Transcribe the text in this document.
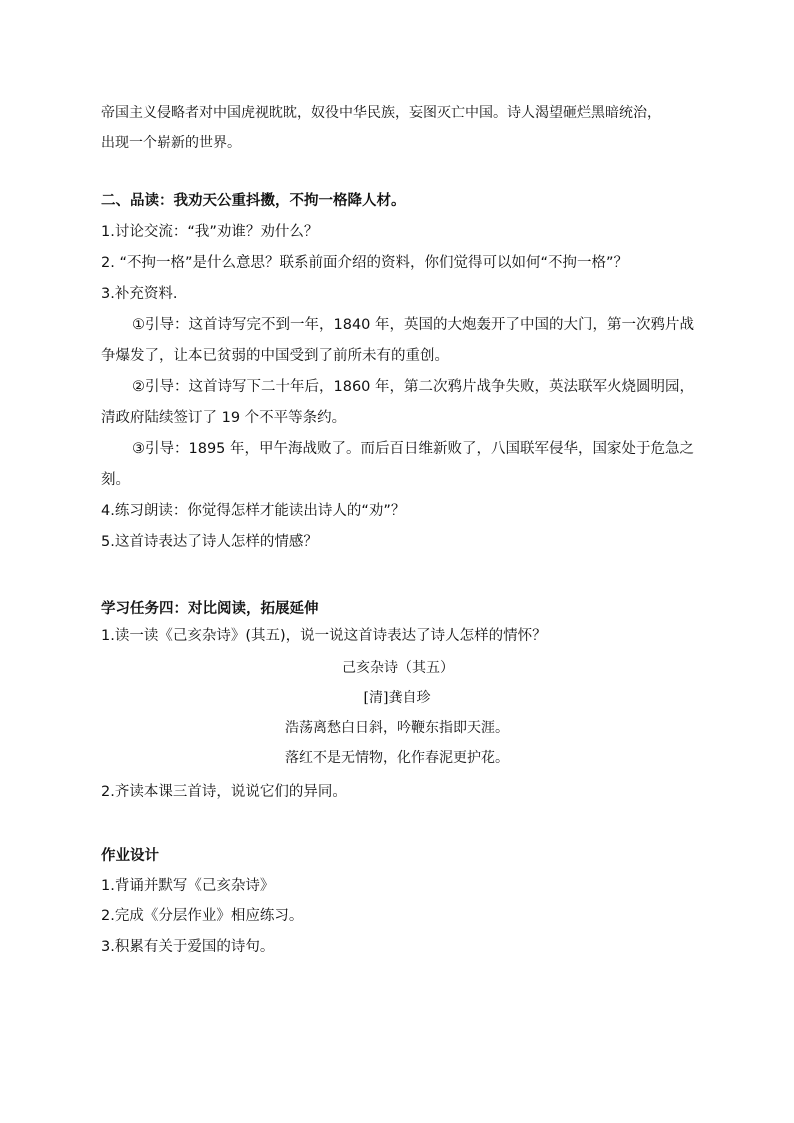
帝国主义侵略者对中国虎视眈眈，奴役中华民族，妄图灭亡中国。诗人渴望砸烂黑暗统治，
出现一个崭新的世界。
二、品读：我劝天公重抖擞，不拘一格降人材。
1.讨论交流：“我”劝谁？劝什么？
2. “不拘一格”是什么意思？联系前面介绍的资料，你们觉得可以如何“不拘一格”？
3.补充资料.
①引导：这首诗写完不到一年，1840 年，英国的大炮轰开了中国的大门，第一次鸦片战
争爆发了，让本已贫弱的中国受到了前所未有的重创。
②引导：这首诗写下二十年后，1860 年，第二次鸦片战争失败，英法联军火烧圆明园，
清政府陆续签订了 19 个不平等条约。
③引导：1895 年，甲午海战败了。而后百日维新败了，八国联军侵华，国家处于危急之
刻。
4.练习朗读：你觉得怎样才能读出诗人的“劝”？
5.这首诗表达了诗人怎样的情感？
学习任务四：对比阅读，拓展延伸
1.读一读《己亥杂诗》(其五)，说一说这首诗表达了诗人怎样的情怀？
己亥杂诗（其五）
[清]龚自珍
浩荡离愁白日斜，吟鞭东指即天涯。
落红不是无情物，化作春泥更护花。
2.齐读本课三首诗，说说它们的异同。
作业设计
1.背诵并默写《己亥杂诗》
2.完成《分层作业》相应练习。
3.积累有关于爱国的诗句。
